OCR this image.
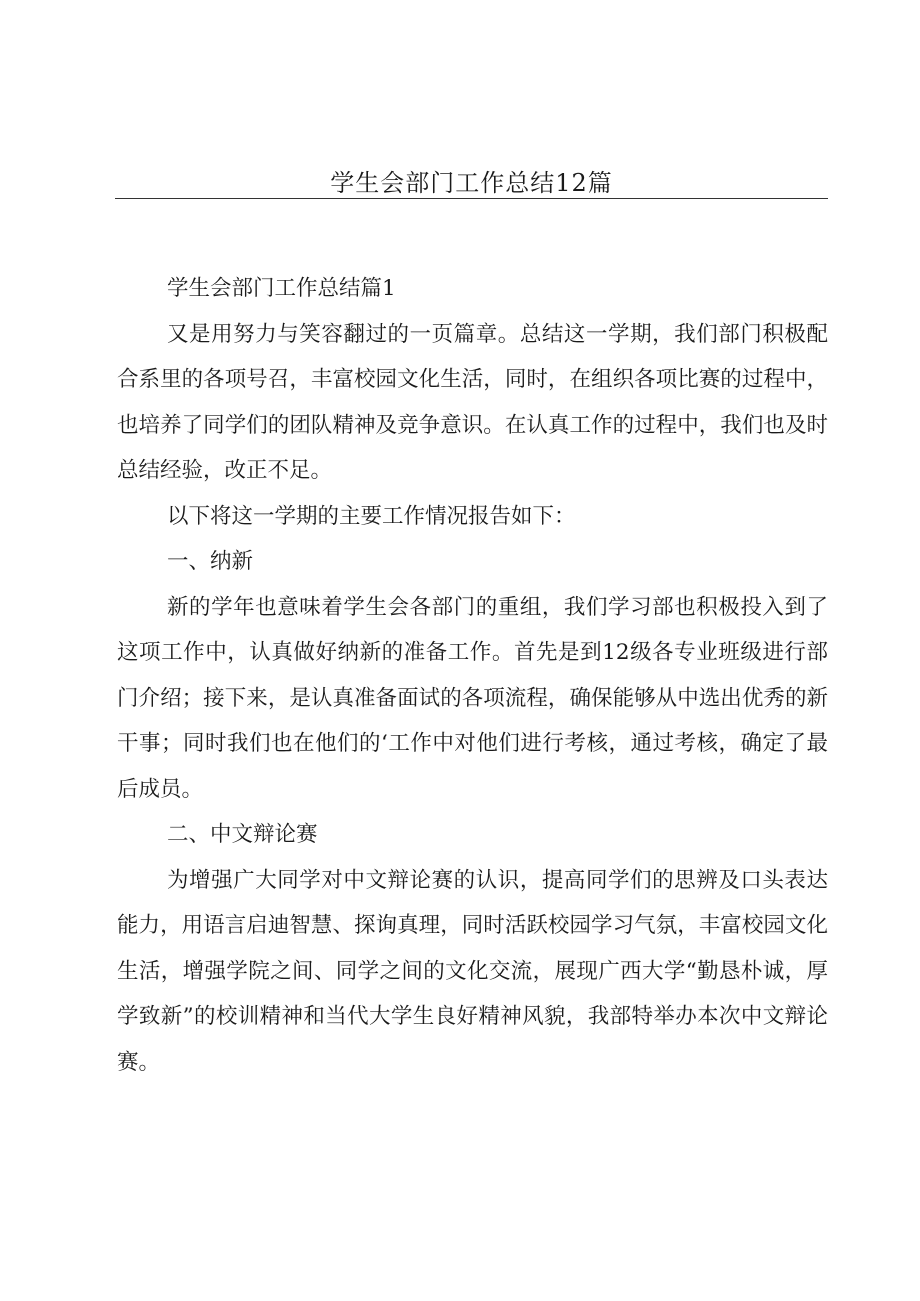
学生会部门工作总结12篇

学生会部门工作总结篇1

又是用努力与笑容翻过的一页篇章。总结这一学期，我们部门积极配合系里的各项号召，丰富校园文化生活，同时，在组织各项比赛的过程中，也培养了同学们的团队精神及竞争意识。在认真工作的过程中，我们也及时总结经验，改正不足。

以下将这一学期的主要工作情况报告如下：

一、纳新

新的学年也意味着学生会各部门的重组，我们学习部也积极投入到了这项工作中，认真做好纳新的准备工作。首先是到12级各专业班级进行部门介绍；接下来，是认真准备面试的各项流程，确保能够从中选出优秀的新干事；同时我们也在他们的‘工作中对他们进行考核，通过考核，确定了最后成员。

二、中文辩论赛

为增强广大同学对中文辩论赛的认识，提高同学们的思辨及口头表达能力，用语言启迪智慧、探询真理，同时活跃校园学习气氛，丰富校园文化生活，增强学院之间、同学之间的文化交流，展现广西大学“勤恳朴诚，厚学致新”的校训精神和当代大学生良好精神风貌，我部特举办本次中文辩论赛。
